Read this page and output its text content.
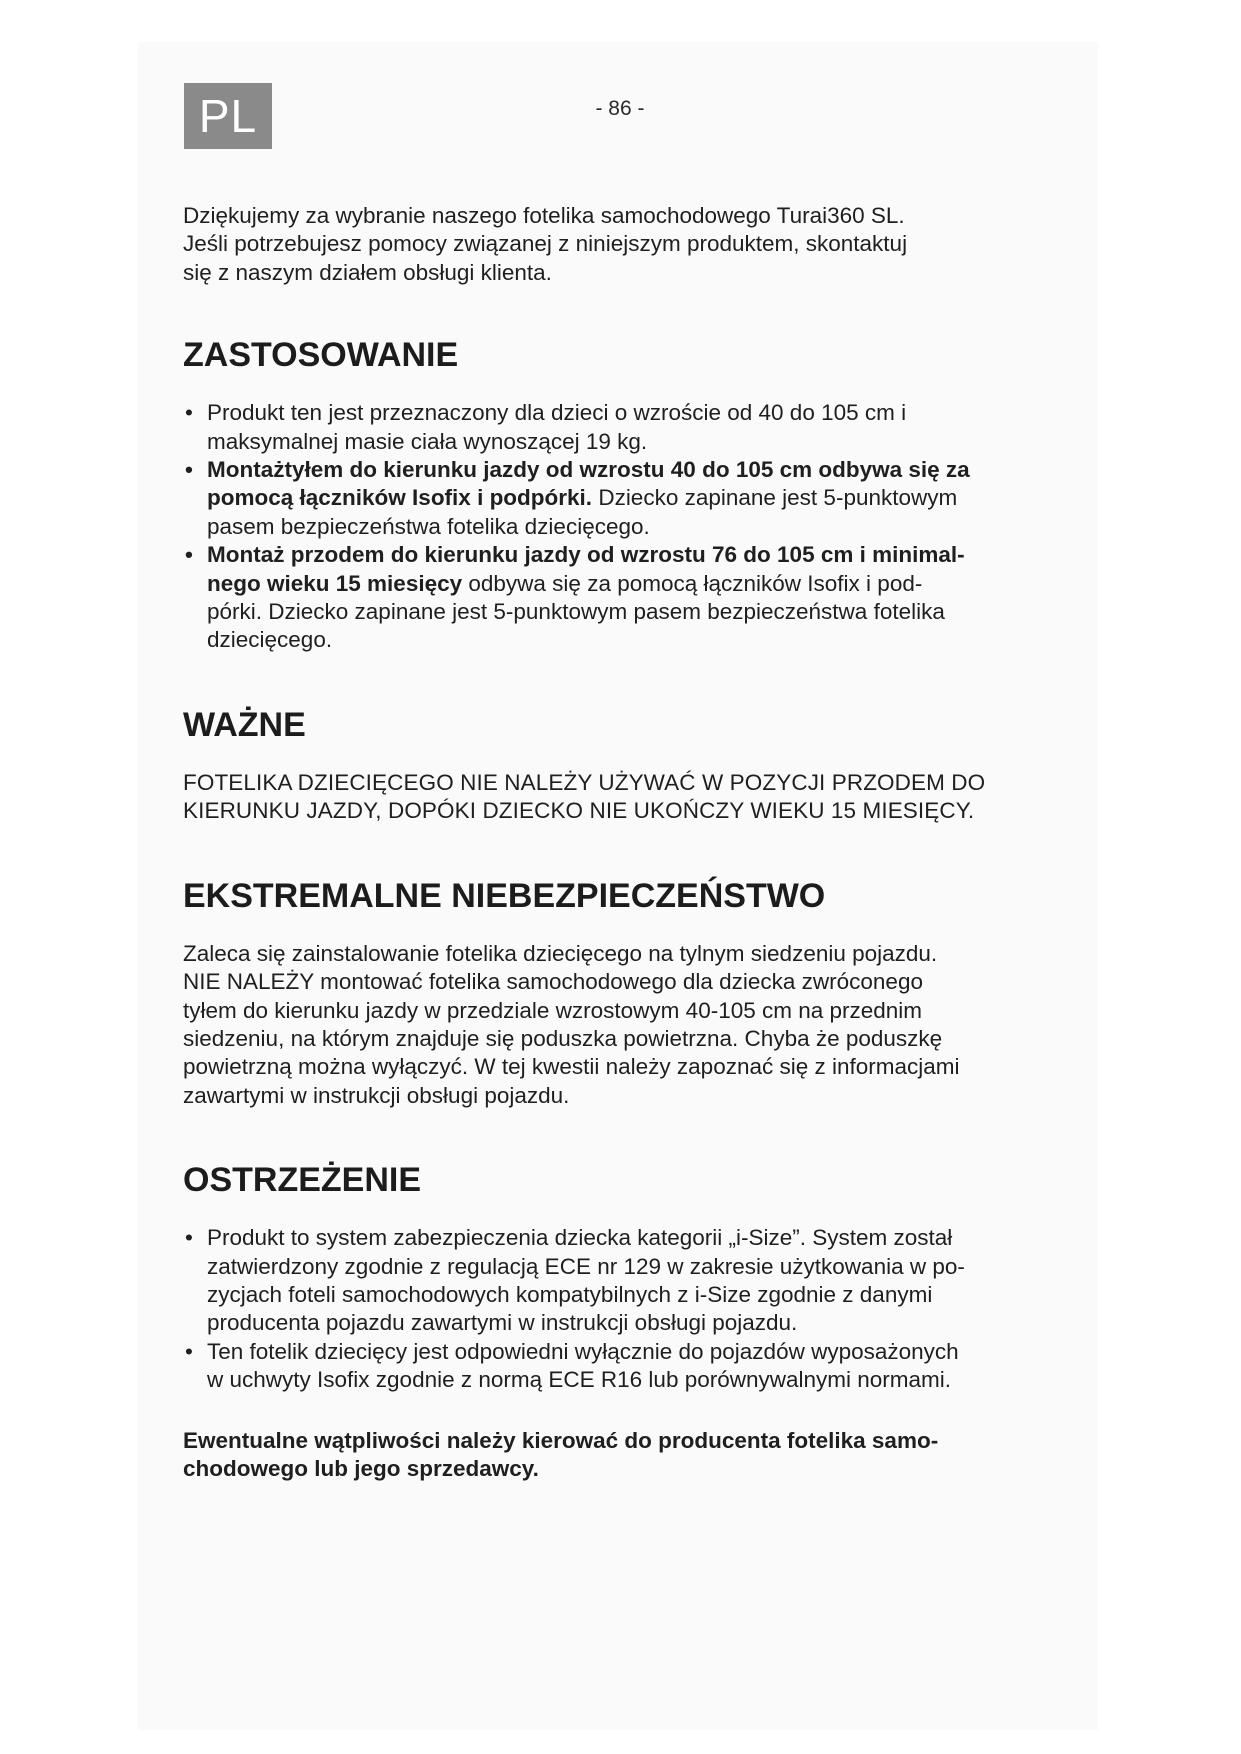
PL	- 86 -

Dziękujemy za wybranie naszego fotelika samochodowego Turai360 SL.
Jeśli potrzebujesz pomocy związanej z niniejszym produktem, skontaktuj
się z naszym działem obsługi klienta.

ZASTOSOWANIE
• Produkt ten jest przeznaczony dla dzieci o wzroście od 40 do 105 cm i
maksymalnej masie ciała wynoszącej 19 kg.
• Montażtyłem do kierunku jazdy od wzrostu 40 do 105 cm odbywa się za
pomocą łączników Isofix i podpórki. Dziecko zapinane jest 5-punktowym
pasem bezpieczeństwa fotelika dziecięcego.
• Montaż przodem do kierunku jazdy od wzrostu 76 do 105 cm i minimal-
nego wieku 15 miesięcy odbywa się za pomocą łączników Isofix i pod-
pórki. Dziecko zapinane jest 5-punktowym pasem bezpieczeństwa fotelika
dziecięcego.
WAŻNE

FOTELIKA DZIECIĘCEGO NIE NALEŻY UŻYWAĆ W POZYCJI PRZODEM DO
KIERUNKU JAZDY, DOPÓKI DZIECKO NIE UKOŃCZY WIEKU 15 MIESIĘCY.

EKSTREMALNE NIEBEZPIECZEŃSTWO

Zaleca się zainstalowanie fotelika dziecięcego na tylnym siedzeniu pojazdu.
NIE NALEŻY montować fotelika samochodowego dla dziecka zwróconego
tyłem do kierunku jazdy w przedziale wzrostowym 40-105 cm na przednim
siedzeniu, na którym znajduje się poduszka powietrzna. Chyba że poduszkę
powietrzną można wyłączyć. W tej kwestii należy zapoznać się z informacjami
zawartymi w instrukcji obsługi pojazdu.

OSTRZEŻENIE
• Produkt to system zabezpieczenia dziecka kategorii „i-Size”. System został
zatwierdzony zgodnie z regulacją ECE nr 129 w zakresie użytkowania w po-
zycjach foteli samochodowych kompatybilnych z i-Size zgodnie z danymi
producenta pojazdu zawartymi w instrukcji obsługi pojazdu.
• Ten fotelik dziecięcy jest odpowiedni wyłącznie do pojazdów wyposażonych
w uchwyty Isofix zgodnie z normą ECE R16 lub porównywalnymi normami.

Ewentualne wątpliwości należy kierować do producenta fotelika samo-
chodowego lub jego sprzedawcy.
